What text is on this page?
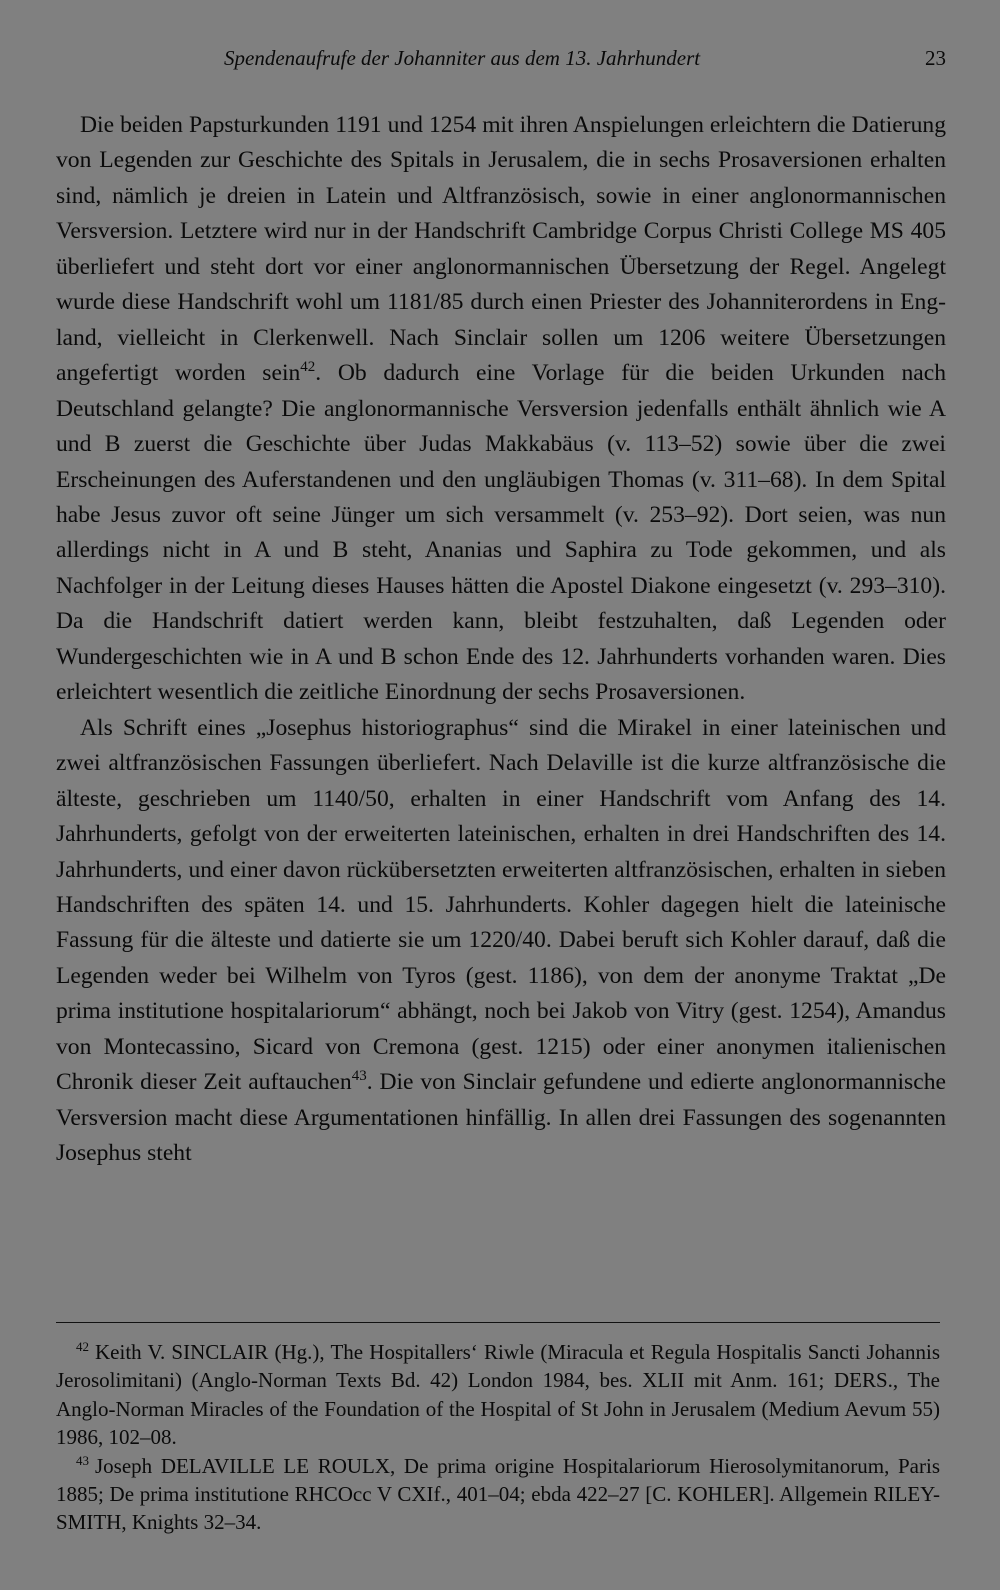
Spendenaufrufe der Johanniter aus dem 13. Jahrhundert	23

Die beiden Papsturkunden 1191 und 1254 mit ihren Anspielungen erleichtern die Datierung von Legenden zur Geschichte des Spitals in Jerusalem, die in sechs Prosaversionen erhalten sind, nämlich je dreien in Latein und Altfranzösisch, sowie in einer anglonormannischen Versversion. Letztere wird nur in der Handschrift Cambridge Corpus Christi College MS 405 überliefert und steht dort vor einer anglonormannischen Übersetzung der Regel. Angelegt wurde diese Handschrift wohl um 1181/85 durch einen Priester des Johanniterordens in England, vielleicht in Clerkenwell. Nach Sinclair sollen um 1206 weitere Übersetzungen angefertigt worden sein$^{42}$. Ob dadurch eine Vorlage für die beiden Urkunden nach Deutschland gelangte? Die anglonormannische Versversion jedenfalls enthält ähnlich wie A und B zuerst die Geschichte über Judas Makkabäus (v. 113–52) sowie über die zwei Erscheinungen des Auferstandenen und den ungläubigen Thomas (v. 311–68). In dem Spital habe Jesus zuvor oft seine Jünger um sich versammelt (v. 253–92). Dort seien, was nun allerdings nicht in A und B steht, Ananias und Saphira zu Tode gekommen, und als Nachfolger in der Leitung dieses Hauses hätten die Apostel Diakone eingesetzt (v. 293–310). Da die Handschrift datiert werden kann, bleibt festzuhalten, daß Legenden oder Wundergeschichten wie in A und B schon Ende des 12. Jahrhunderts vorhanden waren. Dies erleichtert wesentlich die zeitliche Einordnung der sechs Prosaversionen.

Als Schrift eines „Josephus historiographus“ sind die Mirakel in einer lateinischen und zwei altfranzösischen Fassungen überliefert. Nach Delaville ist die kurze altfranzösische die älteste, geschrieben um 1140/50, erhalten in einer Handschrift vom Anfang des 14. Jahrhunderts, gefolgt von der erweiterten lateinischen, erhalten in drei Handschriften des 14. Jahrhunderts, und einer davon rückübersetzten erweiterten altfranzösischen, erhalten in sieben Handschriften des späten 14. und 15. Jahrhunderts. Kohler dagegen hielt die lateinische Fassung für die älteste und datierte sie um 1220/40. Dabei beruft sich Kohler darauf, daß die Legenden weder bei Wilhelm von Tyros (gest. 1186), von dem der anonyme Traktat „De prima institutione hospitalariorum“ abhängt, noch bei Jakob von Vitry (gest. 1254), Amandus von Montecassino, Sicard von Cremona (gest. 1215) oder einer anonymen italienischen Chronik dieser Zeit auftauchen$^{43}$. Die von Sinclair gefundene und edierte anglonormannische Versversion macht diese Argumentationen hinfällig. In allen drei Fassungen des sogenannten Josephus steht

$^{42}$ Keith V. SINCLAIR (Hg.), The Hospitallers‘ Riwle (Miracula et Regula Hospitalis Sancti Johannis Jerosolimitani) (Anglo-Norman Texts Bd. 42) London 1984, bes. XLII mit Anm. 161; DERS., The Anglo-Norman Miracles of the Foundation of the Hospital of St John in Jerusalem (Medium Aevum 55) 1986, 102–08.

$^{43}$ Joseph DELAVILLE LE ROULX, De prima origine Hospitalariorum Hierosolymitanorum, Paris 1885; De prima institutione RHCOcc V CXIf., 401–04; ebda 422–27 [C. KOHLER]. Allgemein RILEY-SMITH, Knights 32–34.
